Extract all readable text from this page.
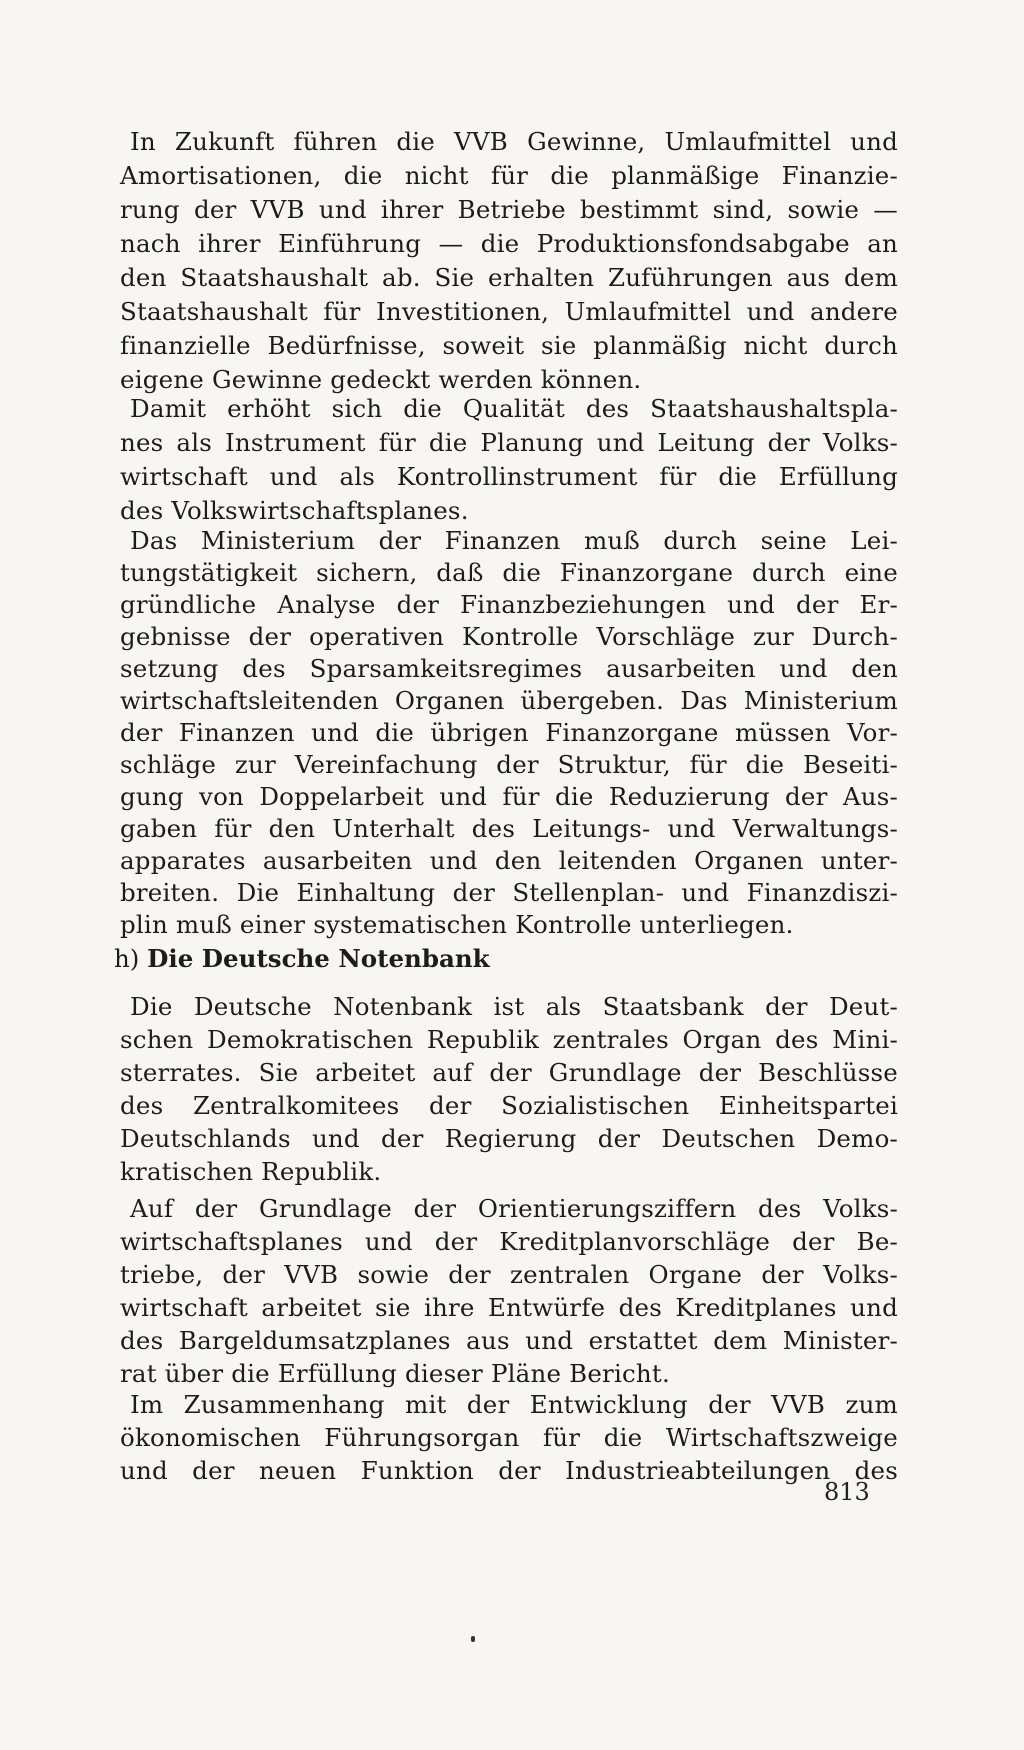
In Zukunft führen die VVB Gewinne, Umlaufmittel und
Amortisationen, die nicht für die planmäßige Finanzie-
rung der VVB und ihrer Betriebe bestimmt sind, sowie —
nach ihrer Einführung — die Produktionsfondsabgabe an
den Staatshaushalt ab. Sie erhalten Zuführungen aus dem
Staatshaushalt für Investitionen, Umlaufmittel und andere
finanzielle Bedürfnisse, soweit sie planmäßig nicht durch
eigene Gewinne gedeckt werden können.
Damit erhöht sich die Qualität des Staatshaushaltspla-
nes als Instrument für die Planung und Leitung der Volks-
wirtschaft und als Kontrollinstrument für die Erfüllung
des Volkswirtschaftsplanes.
Das Ministerium der Finanzen muß durch seine Lei-
tungstätigkeit sichern, daß die Finanzorgane durch eine
gründliche Analyse der Finanzbeziehungen und der Er-
gebnisse der operativen Kontrolle Vorschläge zur Durch-
setzung des Sparsamkeitsregimes ausarbeiten und den
wirtschaftsleitenden Organen übergeben. Das Ministerium
der Finanzen und die übrigen Finanzorgane müssen Vor-
schläge zur Vereinfachung der Struktur, für die Beseiti-
gung von Doppelarbeit und für die Reduzierung der Aus-
gaben für den Unterhalt des Leitungs- und Verwaltungs-
apparates ausarbeiten und den leitenden Organen unter-
breiten. Die Einhaltung der Stellenplan- und Finanzdiszi-
plin muß einer systematischen Kontrolle unterliegen.
h) Die Deutsche Notenbank
Die Deutsche Notenbank ist als Staatsbank der Deut-
schen Demokratischen Republik zentrales Organ des Mini-
sterrates. Sie arbeitet auf der Grundlage der Beschlüsse
des Zentralkomitees der Sozialistischen Einheitspartei
Deutschlands und der Regierung der Deutschen Demo-
kratischen Republik.
Auf der Grundlage der Orientierungsziffern des Volks-
wirtschaftsplanes und der Kreditplanvorschläge der Be-
triebe, der VVB sowie der zentralen Organe der Volks-
wirtschaft arbeitet sie ihre Entwürfe des Kreditplanes und
des Bargeldumsatzplanes aus und erstattet dem Minister-
rat über die Erfüllung dieser Pläne Bericht.
Im Zusammenhang mit der Entwicklung der VVB zum
ökonomischen Führungsorgan für die Wirtschaftszweige
und der neuen Funktion der Industrieabteilungen des
813
